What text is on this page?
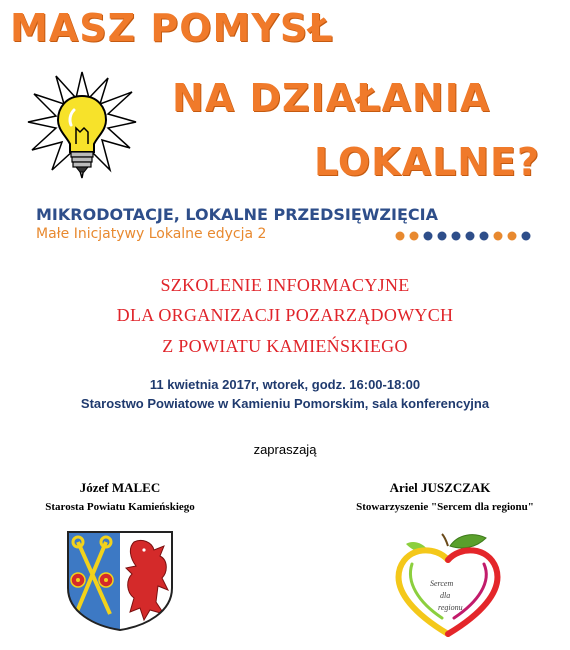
MASZ POMYSŁ
NA DZIAŁANIA
LOKALNE?
MIKRODOTACJE, LOKALNE PRZEDSIĘWZIĘCIA
Małe Inicjatywy Lokalne edycja 2
SZKOLENIE INFORMACYJNE
DLA ORGANIZACJI POZARZĄDOWYCH
Z POWIATU KAMIEŃSKIEGO
11 kwietnia 2017r, wtorek, godz. 16:00-18:00
Starostwo Powiatowe w Kamieniu Pomorskim, sala konferencyjna
zapraszają
Józef MALEC
Starosta Powiatu Kamieńskiego
Ariel JUSZCZAK
Stowarzyszenie "Sercem dla regionu"
Sercem
dla
regionu
